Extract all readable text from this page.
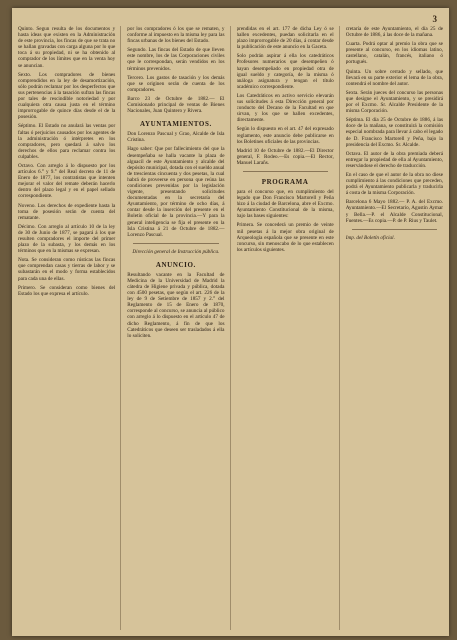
3

Quinto. Segun resulta de los documentos y hasta ideas que existen en la Administración de este provincia, los fincas de que se trata no se hallan gravadas con carga alguna por lo que toca á su propiedad, ni se ha obtenido al comprador de los límites que en la venta hoy se anuncian.

Sexto. Los compradores de bienes comprendidos en la ley de desamortización, sólo podrán reclamar por los desperfectos que sus pertenencias á la tasación sufran las fincas por tales de rescindible notoriedad y por cualquiera otra causa justa en el término improrrogable de quince días desde el de la posesión.

Séptimo. El Estado no anulará las ventas por faltas ó perjuicios causados por los agentes de la administración ó intérpretes en los compradores, pero quedará á salvo los derechos de ellos para reclamar contra los culpables.

Octavo. Con arreglo á lo dispuesto por los artículos 6.° y 9.° del Real decreto de 11 de Enero de 1877, los contratistas que intenten mejorar el valor del remate deberán hacerlo dentro del plazo legal y en el papel sellado correspondiente.

Noveno. Los derechos de expediente hasta la toma de posesión serán de cuenta del rematante.

Décimo. Con arreglo al artículo 10 de la ley de 30 de Junio de 1877, se pagará á los que resulten compradores el importe del primer plazo de la subasta, y los demás en los términos que en la mismas se expresan.

Nota. Se consideran como rústicas las fincas que comprendan casas y tierras de labor y se subastarán en el modo y forma establecidos para cada una de ellas.

Primero. Se consideran como bienes del Estado los que expresa el artículo.

por los compradores ó los que se rematen, y conforme al impuesto en la misma ley para las fincas urbanas de los bienes del Estado.

Segundo. Las fincas del Estado de que lleven este nombre, los de las Corporaciones civiles que le correspondan, serán vendidos en los términos prevenidos.

Tercero. Los gastos de tasación y los demás que se originen serán de cuenta de los compradores.

Barco 23 de Octubre de 1882.— El Comisionado principal de ventas de Bienes Nacionales, Juan Quintero y Rivera.

AYUNTAMIENTOS.

Don Lorenzo Pascual y Grao, Alcalde de Isla Cristina.

Hago saber: Que por fallecimiento del que la desempeñaba se halla vacante la plaza de alguacil de este Ayuntamiento y alcalde del depósito municipal, dotada con el sueldo anual de trescientas cincuenta y dos pesetas, la cual habrá de proveerse en persona que reúna las condiciones prevenidas por la legislación vigente, presentando solicitudes documentadas en la secretaría del Ayuntamiento, por término de ocho días, á contar desde la inserción del presente en el Boletín oficial de la provincia.—Y para la general inteligencia se fija el presente en la Isla Cristina á 21 de Octubre de 1882.—Lorenzo Pascual.

Dirección general de Instrucción pública.
ANUNCIO.

Resultando vacante en la Facultad de Medicina de la Universidad de Madrid la cátedra de Higiene privada y pública, dotada con 4500 pesetas, que según el art. 226 de la ley de 9 de Setiembre de 1857 y 2.° del Reglamento de 15 de Enero de 1870, corresponde al concurso, se anuncia al público con arreglo á lo dispuesto en el artículo 47 de dicho Reglamento, á fin de que los Catedráticos que deseen ser trasladados á ella lo soliciten.

prendidas en el art. 177 de dicha Ley ó se hallen excedentes, puedan solicitarla en el plazo improrrogable de 20 días, á contar desde la publicación de este anuncio en la Gaceta.

Solo podrán aspirar á ella los catedráticos Profesores numerarios que desempeñen ó hayan desempeñado en propiedad otra de igual sueldo y categoría, de la misma ó análoga asignatura y tengan el título académico correspondiente.

Los Catedráticos en activo servicio elevarán sus solicitudes á esta Dirección general por conducto del Decano de la Facultad en que sirvan, y los que se hallen excedentes, directamente.

Según lo dispuesto en el art. 47 del expresado reglamento, este anuncio debe publicarse en los Boletines oficiales de las provincias.

Madrid 10 de Octubre de 1882.—El Director general, F. Rodeo.—Es copia.—El Rector, Manuel Larañs.

PROGRAMA

para el concurso que, en cumplimiento del legado que Don Francisco Martorell y Peña hizo á la ciudad de Barcelona, abre el Excmo. Ayuntamiento Constitucional de la misma, bajo las bases siguientes:

Primera. Se concederá un premio de veinte mil pesetas á la mejor obra original de Arqueología española que se presente en este concurso, sin menoscabo de lo que establecen los artículos siguientes.

cretaría de este Ayuntamiento, el día 25 de Octubre de 1886, á las doce de la mañana.

Cuarta. Podrá optar al premio la obra que se presente al concurso, en los idiomas latino, castellano, catalán, francés, italiano ó portugués.

Quinta. Un sobre cerrado y sellado, que llevará en su parte exterior el lema de la obra, contendrá el nombre del autor.

Sexta. Serán jueces del concurso las personas que designe el Ayuntamiento, y se presidirá por el Excmo. Sr. Alcalde Presidente de la misma Corporación.

Séptima. El día 25 de Octubre de 1886, á las doce de la mañana, se constituirá la comisión especial nombrada para llevar á cabo el legado de D. Francisco Martorell y Peña, bajo la presidencia del Excmo. Sr. Alcalde.

Octava. El autor de la obra premiada deberá entregar la propiedad de ella al Ayuntamiento, reservándose el derecho de traducción.

En el caso de que el autor de la obra no diese cumplimiento á las condiciones que preceden, podrá el Ayuntamiento publicarla y traducirla á costa de la misma Corporación.

Barcelona 6 Mayo 1882.— P. A. del Excmo. Ayuntamiento.—El Secretario, Agustin Aymar y Bella.—P. el Alcalde Constitucional, Fuentes.—Es copia.—P. de P. Rius y Taulet.

Imp. del Boletín oficial.
